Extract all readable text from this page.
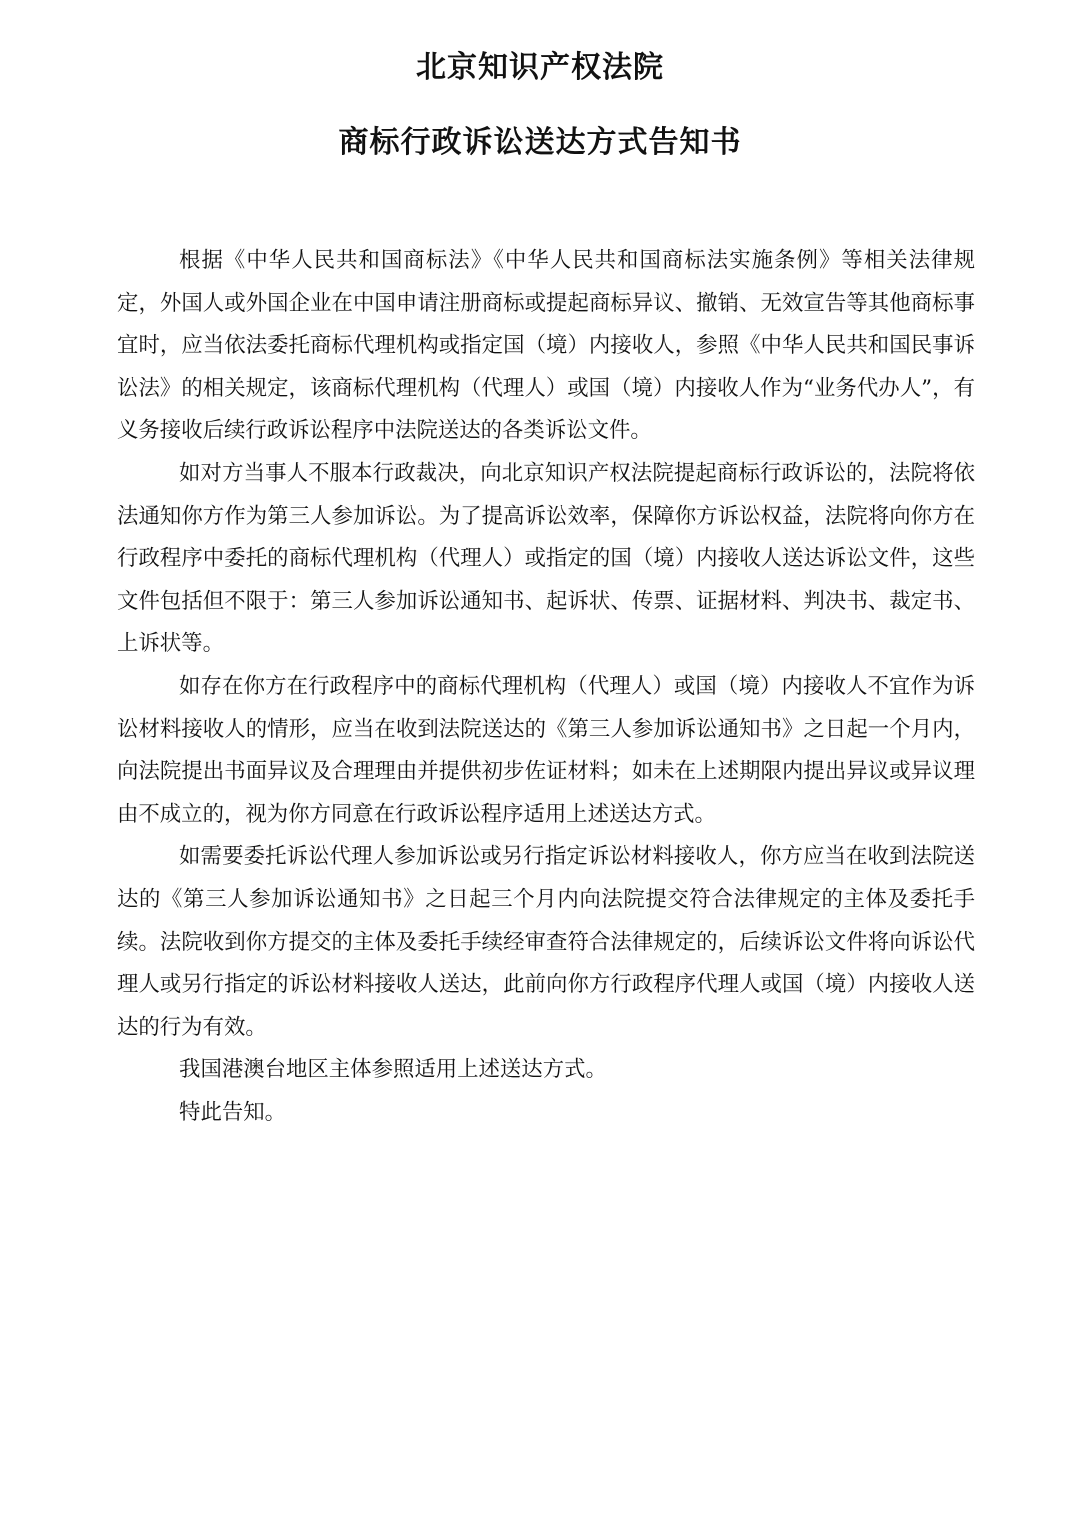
北京知识产权法院
商标行政诉讼送达方式告知书

根据《中华人民共和国商标法》《中华人民共和国商标法实施条例》等相关法律规定，外国人或外国企业在中国申请注册商标或提起商标异议、撤销、无效宣告等其他商标事宜时，应当依法委托商标代理机构或指定国（境）内接收人，参照《中华人民共和国民事诉讼法》的相关规定，该商标代理机构（代理人）或国（境）内接收人作为“业务代办人”，有义务接收后续行政诉讼程序中法院送达的各类诉讼文件。

如对方当事人不服本行政裁决，向北京知识产权法院提起商标行政诉讼的，法院将依法通知你方作为第三人参加诉讼。为了提高诉讼效率，保障你方诉讼权益，法院将向你方在行政程序中委托的商标代理机构（代理人）或指定的国（境）内接收人送达诉讼文件，这些文件包括但不限于：第三人参加诉讼通知书、起诉状、传票、证据材料、判决书、裁定书、上诉状等。

如存在你方在行政程序中的商标代理机构（代理人）或国（境）内接收人不宜作为诉讼材料接收人的情形，应当在收到法院送达的《第三人参加诉讼通知书》之日起一个月内，向法院提出书面异议及合理理由并提供初步佐证材料；如未在上述期限内提出异议或异议理由不成立的，视为你方同意在行政诉讼程序适用上述送达方式。

如需要委托诉讼代理人参加诉讼或另行指定诉讼材料接收人，你方应当在收到法院送达的《第三人参加诉讼通知书》之日起三个月内向法院提交符合法律规定的主体及委托手续。法院收到你方提交的主体及委托手续经审查符合法律规定的，后续诉讼文件将向诉讼代理人或另行指定的诉讼材料接收人送达，此前向你方行政程序代理人或国（境）内接收人送达的行为有效。

我国港澳台地区主体参照适用上述送达方式。

特此告知。
